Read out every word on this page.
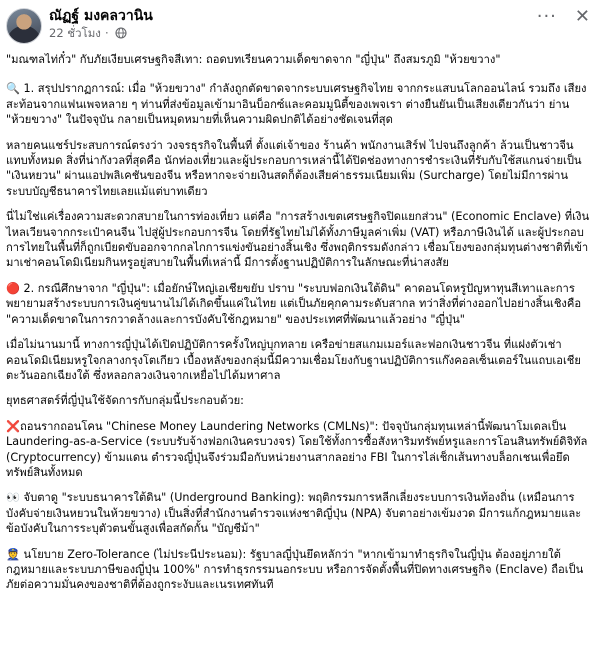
ณัฏฐ์ มงคลวานิน
22 ชั่วโมง ·
··· ✕

"มณฑลไท่กั๋ว" กับภัยเงียบเศรษฐกิจสีเทา: ถอดบทเรียนความเด็ดขาดจาก "ญี่ปุ่น" ถึงสมรภูมิ "ห้วยขวาง"

🔍 1. สรุปปรากฏการณ์: เมื่อ "ห้วยขวาง" กำลังถูกตัดขาดจากระบบเศรษฐกิจไทย จากกระแสบนโลกออนไลน์ รวมถึง เสียงสะท้อนจากแฟนเพจหลาย ๆ ท่านที่ส่งข้อมูลเข้ามาอินบ็อกซ์และคอมมูนิตี้ของเพจเรา ต่างยืนยันเป็นเสียงเดียวกันว่า ย่าน "ห้วยขวาง" ในปัจจุบัน กลายเป็นหมุดหมายที่เห็นความผิดปกติได้อย่างชัดเจนที่สุด

หลายคนแชร์ประสบการณ์ตรงว่า วงจรธุรกิจในพื้นที่ ตั้งแต่เจ้าของ ร้านค้า พนักงานเสิร์ฟ ไปจนถึงลูกค้า ล้วนเป็นชาวจีนแทบทั้งหมด สิ่งที่น่ากังวลที่สุดคือ นักท่องเที่ยวและผู้ประกอบการเหล่านี้ได้ปิดช่องทางการชำระเงินที่รับกับใช้สแกนจ่ายเป็น "เงินหยวน" ผ่านแอปพลิเคชันของจีน หรือหากจะจ่ายเงินสดก็ต้องเสียค่าธรรมเนียมเพิ่ม (Surcharge) โดยไม่มีการผ่านระบบบัญชีธนาคารไทยเลยแม้แต่บาทเดียว

นี่ไม่ใช่แค่เรื่องความสะดวกสบายในการท่องเที่ยว แต่คือ "การสร้างเขตเศรษฐกิจปิดแยกส่วน" (Economic Enclave) ที่เงินไหลเวียนจากกระเป๋าคนจีน ไปสู่ผู้ประกอบการจีน โดยที่รัฐไทยไม่ได้ทั้งภาษีมูลค่าเพิ่ม (VAT) หรือภาษีเงินได้ และผู้ประกอบการไทยในพื้นที่ก็ถูกเบียดขับออกจากกลไกการแข่งขันอย่างสิ้นเชิง ซึ่งพฤติกรรมดังกล่าว เชื่อมโยงของกลุ่มทุนต่างชาติที่เข้ามาเช่าคอนโดมิเนียมกินหรูอยู่สบายในพื้นที่เหล่านี้ มีการตั้งฐานปฏิบัติการในลักษณะที่น่าสงสัย

🔴 2. กรณีศึกษาจาก "ญี่ปุ่น": เมื่อยักษ์ใหญ่เอเชียขยับ ปราบ "ระบบฟอกเงินใต้ดิน" คาดอนโดหรูปัญหาทุนสีเทาและการพยายามสร้างระบบการเงินคู่ขนานไม่ได้เกิดขึ้นแค่ในไทย แต่เป็นภัยคุกคามระดับสากล ทว่าสิ่งที่ต่างออกไปอย่างสิ้นเชิงคือ "ความเด็ดขาดในการกวาดล้างและการบังคับใช้กฎหมาย" ของประเทศที่พัฒนาแล้วอย่าง "ญี่ปุ่น"

เมื่อไม่นานมานี้ ทางการญี่ปุ่นได้เปิดปฏิบัติการครั้งใหญ่บุกทลาย เครือข่ายสแกมเมอร์และฟอกเงินชาวจีน ที่แฝงตัวเช่าคอนโดมิเนียมหรูใจกลางกรุงโตเกียว เบื้องหลังของกลุ่มนี้มีความเชื่อมโยงกับฐานปฏิบัติการแก๊งคอลเซ็นเตอร์ในแถบเอเชียตะวันออกเฉียงใต้ ซึ่งหลอกลวงเงินจากเหยื่อไปได้มหาศาล

ยุทธศาสตร์ที่ญี่ปุ่นใช้จัดการกับกลุ่มนี้ประกอบด้วย:

❌ถอนรากถอนโคน "Chinese Money Laundering Networks (CMLNs)": ปัจจุบันกลุ่มทุนเหล่านี้พัฒนาโมเดลเป็น Laundering-as-a-Service (ระบบรับจ้างฟอกเงินครบวงจร) โดยใช้ทั้งการซื้อสังหาริมทรัพย์หรูและการโอนสินทรัพย์ดิจิทัล (Cryptocurrency) ข้ามแดน ตำรวจญี่ปุ่นจึงร่วมมือกับหน่วยงานสากลอย่าง FBI ในการไล่เช็กเส้นทางบล็อกเชนเพื่อยึดทรัพย์สินทั้งหมด

👀 จับตาดู "ระบบธนาคารใต้ดิน" (Underground Banking): พฤติกรรมการหลีกเลี่ยงระบบการเงินท้องถิ่น (เหมือนการบังคับจ่ายเงินหยวนในห้วยขวาง) เป็นสิ่งที่สำนักงานตำรวจแห่งชาติญี่ปุ่น (NPA) จับตาอย่างเข้มงวด มีการแก้กฎหมายและข้อบังคับในการระบุตัวตนขั้นสูงเพื่อสกัดกั้น "บัญชีม้า"

👮 นโยบาย Zero-Tolerance (ไม่ประนีประนอม): รัฐบาลญี่ปุ่นยึดหลักว่า "หากเข้ามาทำธุรกิจในญี่ปุ่น ต้องอยู่ภายใต้กฎหมายและระบบภาษีของญี่ปุ่น 100%" การทำธุรกรรมนอกระบบ หรือการจัดตั้งพื้นที่ปิดทางเศรษฐกิจ (Enclave) ถือเป็นภัยต่อความมั่นคงของชาติที่ต้องถูกระงับและเนรเทศทันที
